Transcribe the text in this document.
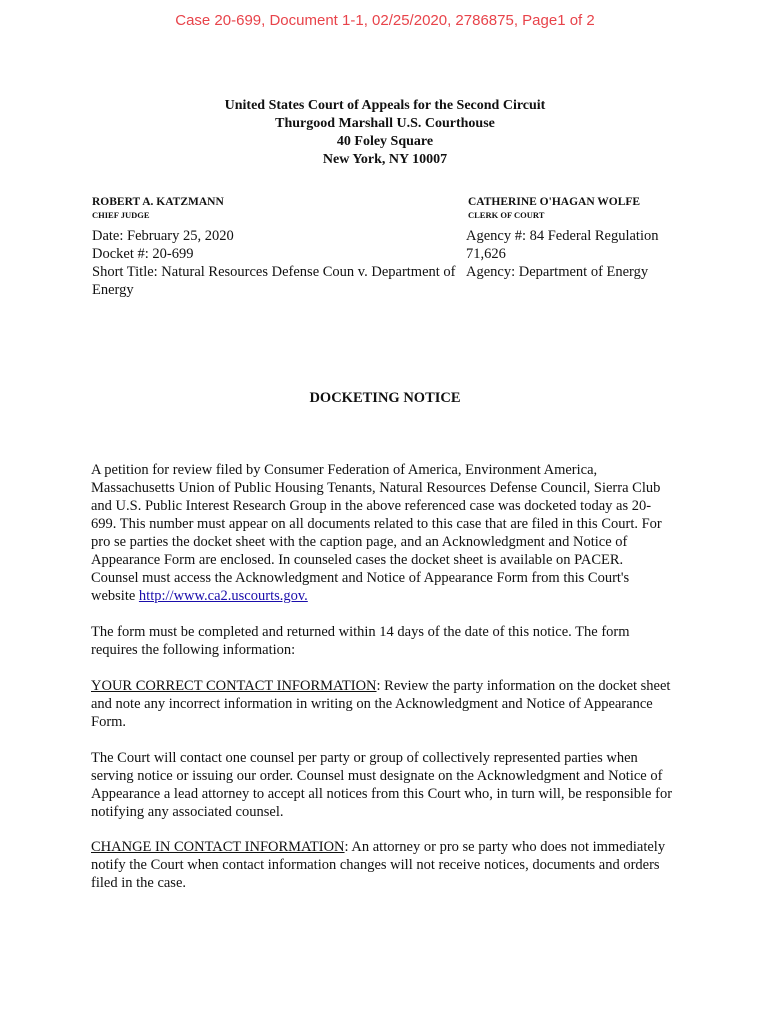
Case 20-699, Document 1-1, 02/25/2020, 2786875, Page1 of 2
United States Court of Appeals for the Second Circuit
Thurgood Marshall U.S. Courthouse
40 Foley Square
New York, NY 10007
ROBERT A. KATZMANN
CHIEF JUDGE
CATHERINE O'HAGAN WOLFE
CLERK OF COURT
Date: February 25, 2020
Docket #: 20-699
Short Title: Natural Resources Defense Coun v. Department of Energy
Agency #: 84 Federal Regulation 71,626
Agency: Department of Energy
DOCKETING NOTICE

A petition for review filed by Consumer Federation of America, Environment America, Massachusetts Union of Public Housing Tenants, Natural Resources Defense Council, Sierra Club and U.S. Public Interest Research Group in the above referenced case was docketed today as 20-699. This number must appear on all documents related to this case that are filed in this Court. For pro se parties the docket sheet with the caption page, and an Acknowledgment and Notice of Appearance Form are enclosed. In counseled cases the docket sheet is available on PACER. Counsel must access the Acknowledgment and Notice of Appearance Form from this Court's website http://www.ca2.uscourts.gov.

The form must be completed and returned within 14 days of the date of this notice. The form requires the following information:

YOUR CORRECT CONTACT INFORMATION: Review the party information on the docket sheet and note any incorrect information in writing on the Acknowledgment and Notice of Appearance Form.

The Court will contact one counsel per party or group of collectively represented parties when serving notice or issuing our order. Counsel must designate on the Acknowledgment and Notice of Appearance a lead attorney to accept all notices from this Court who, in turn will, be responsible for notifying any associated counsel.

CHANGE IN CONTACT INFORMATION: An attorney or pro se party who does not immediately notify the Court when contact information changes will not receive notices, documents and orders filed in the case.
